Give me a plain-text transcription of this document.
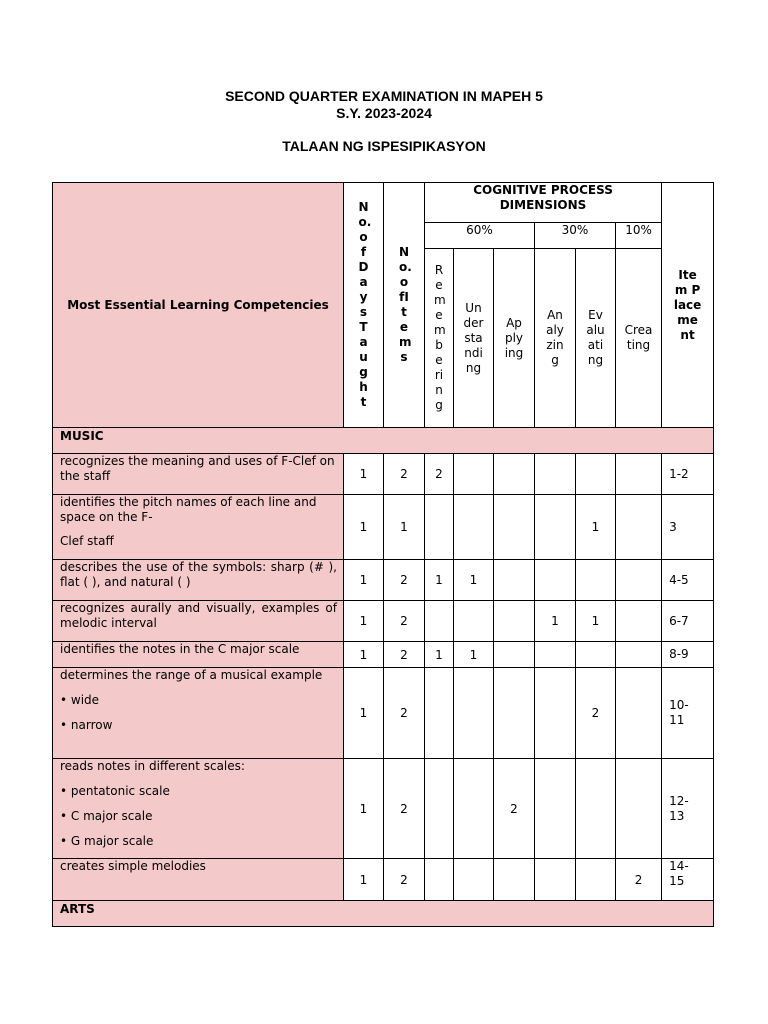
SECOND QUARTER EXAMINATION IN MAPEH 5
S.Y. 2023-2024
TALAAN NG ISPESIPIKASYON
Most Essential Learning Competencies	No.ofDaysTaught	No.ofItems	COGNITIVE PROCESS DIMENSIONS						Item Placement

			60%			30%		10%	

			Remembering	Understanding	Applying	Analyzing	Evaluating	Creating	

MUSIC									

recognizes the meaning and uses of F-Clef on the staff	1	2	2						1-2

identifies the pitch names of each line and space on the F-

Clef staff	1	1					1		3

describes the use of the symbols: sharp (# ), flat ( ), and natural ( )	1	2	1	1					4-5

recognizes aurally and visually, examples of melodic interval	1	2				1	1		6-7

identifies the notes in the C major scale	1	2	1	1					8-9

determines the range of a musical example

• wide

• narrow	1	2					2		10-11

reads notes in different scales:

• pentatonic scale

• C major scale

• G major scale	1	2			2				12-13

creates simple melodies	1	2						2	14-15

ARTS									
